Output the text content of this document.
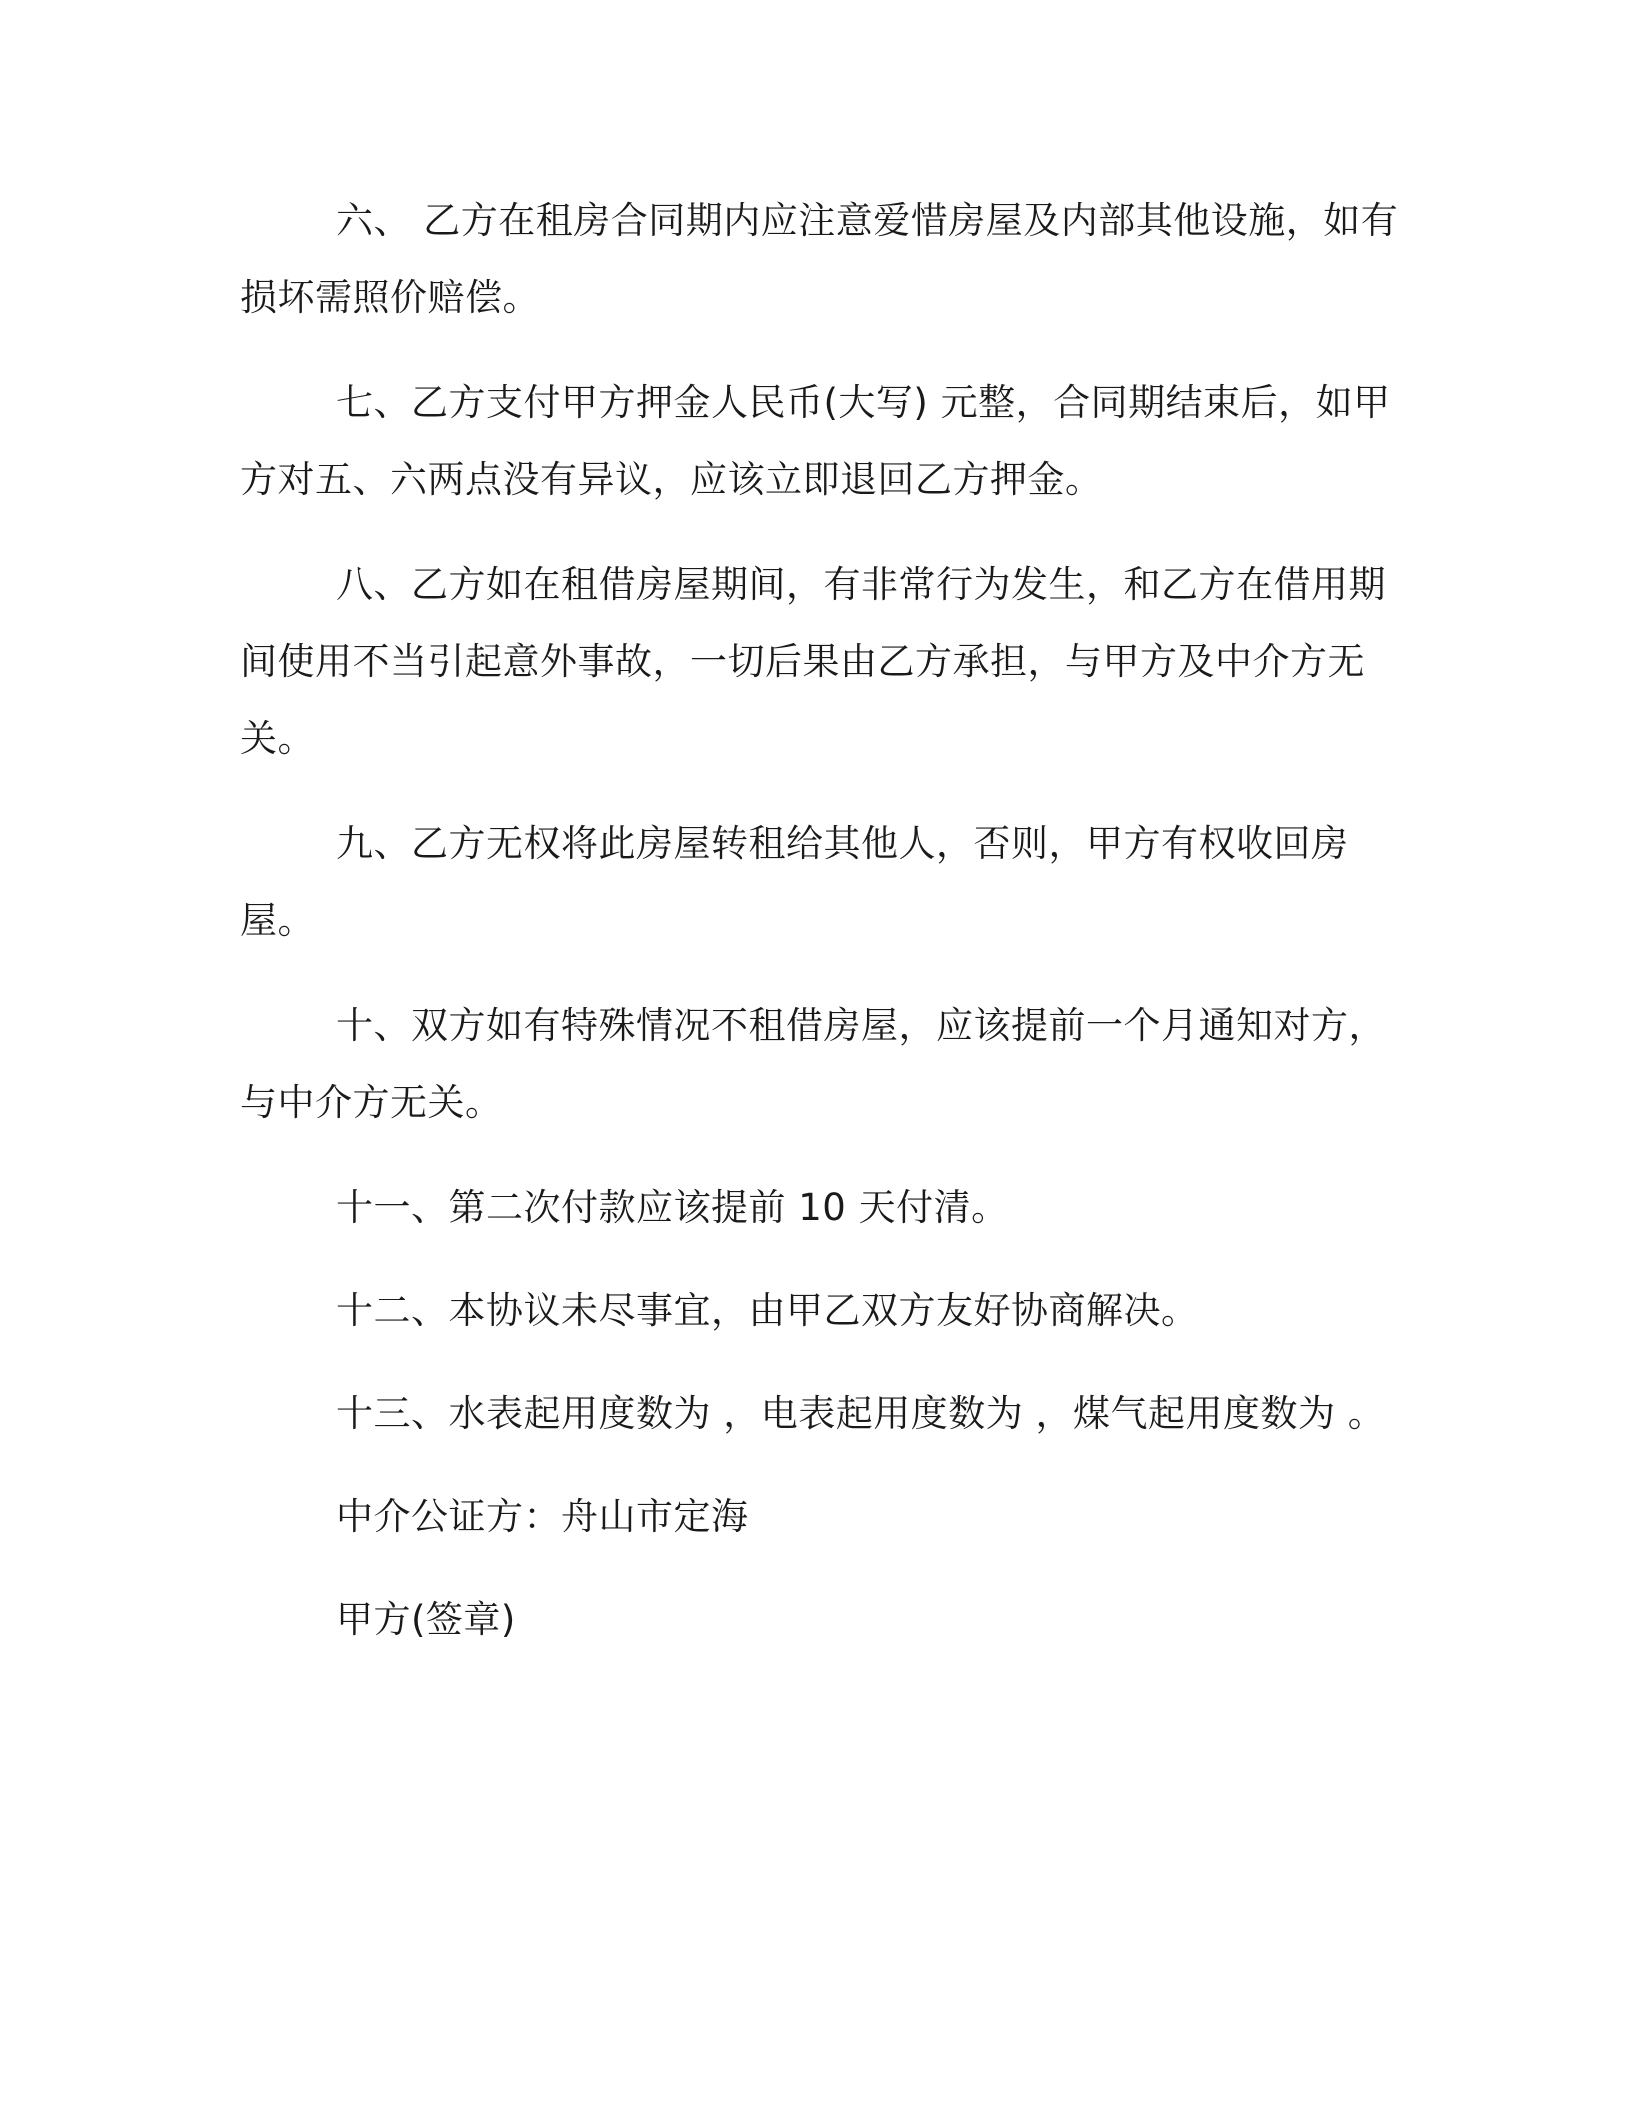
六、 乙方在租房合同期内应注意爱惜房屋及内部其他设施，如有损坏需照价赔偿。

七、乙方支付甲方押金人民币(大写) 元整，合同期结束后，如甲方对五、六两点没有异议，应该立即退回乙方押金。

八、乙方如在租借房屋期间，有非常行为发生，和乙方在借用期间使用不当引起意外事故，一切后果由乙方承担，与甲方及中介方无关。

九、乙方无权将此房屋转租给其他人，否则，甲方有权收回房屋。

十、双方如有特殊情况不租借房屋，应该提前一个月通知对方，与中介方无关。

十一、第二次付款应该提前 10 天付清。

十二、本协议未尽事宜，由甲乙双方友好协商解决。

十三、水表起用度数为 ，电表起用度数为 ，煤气起用度数为 。

中介公证方：舟山市定海

甲方(签章)
